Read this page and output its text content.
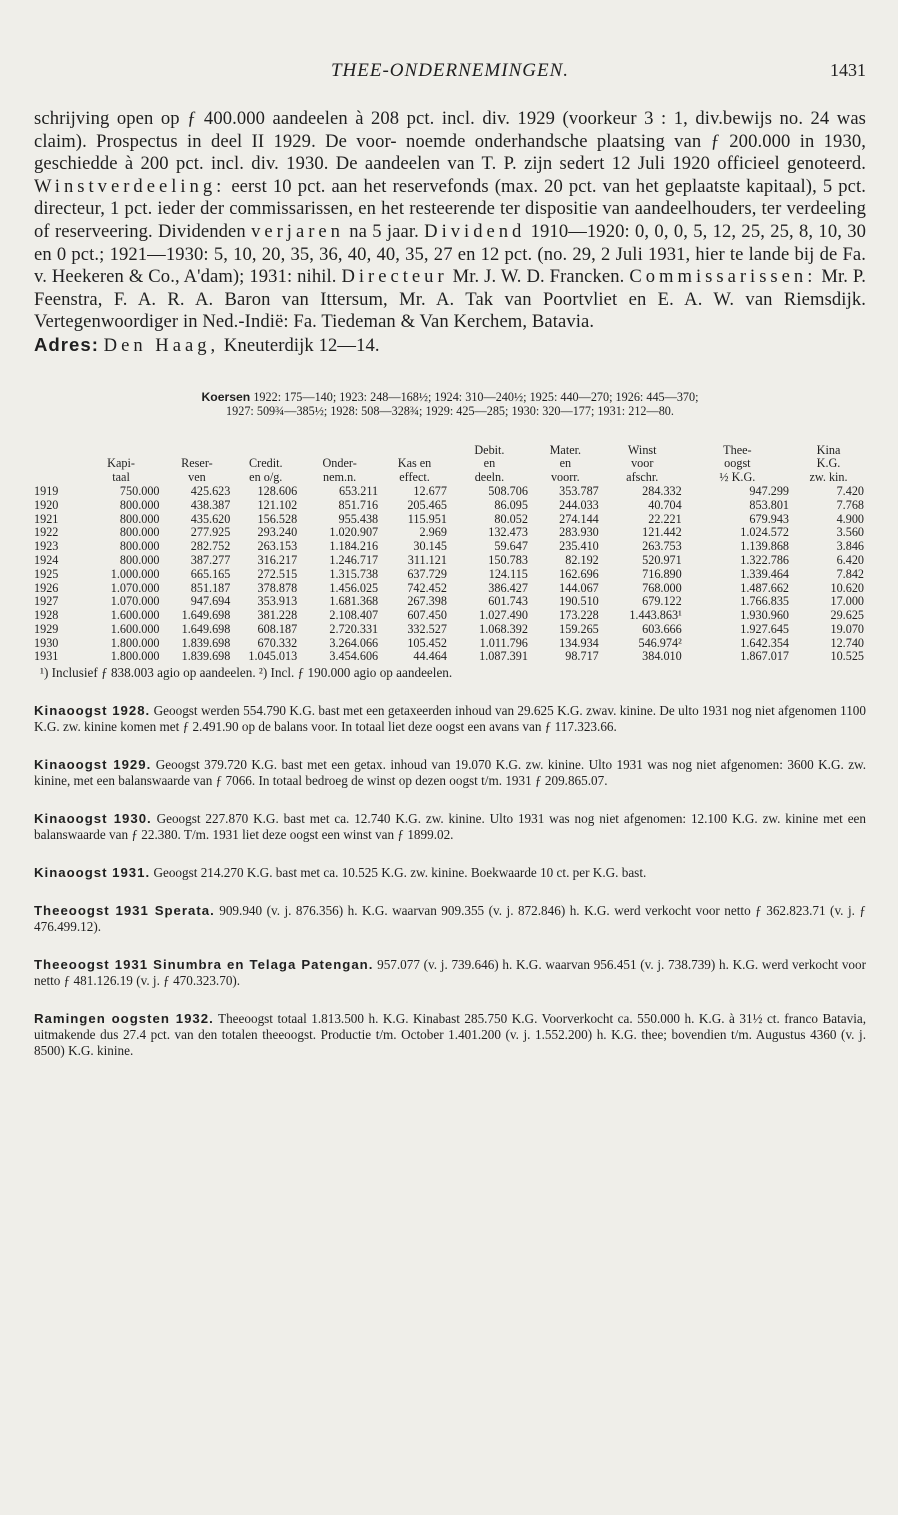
THEE-ONDERNEMINGEN.	1431

schrijving open op ƒ 400.000 aandeelen à 208 pct. incl. div. 1929 (voorkeur 3 : 1, div.bewijs no. 24 was claim). Prospectus in deel II 1929. De voor- noemde onderhandsche plaatsing van ƒ 200.000 in 1930, geschiedde à 200 pct. incl. div. 1930. De aandeelen van T. P. zijn sedert 12 Juli 1920 officieel genoteerd. Winstverdeeling: eerst 10 pct. aan het reservefonds (max. 20 pct. van het geplaatste kapitaal), 5 pct. directeur, 1 pct. ieder der commissarissen, en het resteerende ter dispositie van aandeelhouders, ter verdeeling of reserveering. Dividenden verjaren na 5 jaar. Dividend 1910—1920: 0, 0, 0, 5, 12, 25, 25, 8, 10, 30 en 0 pct.; 1921—1930: 5, 10, 20, 35, 36, 40, 40, 35, 27 en 12 pct. (no. 29, 2 Juli 1931, hier te lande bij de Fa. v. Heekeren & Co., A'dam); 1931: nihil. Directeur Mr. J. W. D. Francken. Commissarissen: Mr. P. Feenstra, F. A. R. A. Baron van Ittersum, Mr. A. Tak van Poortvliet en E. A. W. van Riemsdijk. Vertegenwoordiger in Ned.-Indië: Fa. Tiedeman & Van Kerchem, Batavia.

Adres: Den Haag, Kneuterdijk 12—14.

Koersen 1922: 175—140; 1923: 248—168½; 1924: 310—240½; 1925: 440—270; 1926: 445—370;
1927: 509¾—385½; 1928: 508—328¾; 1929: 425—285; 1930: 320—177; 1931: 212—80.
						Debit.	Mater.	Winst	Thee-	Kina
	Kapi-	Reser-	Credit.	Onder-	Kas en	en	en	voor	oogst	K.G.
	taal	ven	en o/g.	nem.n.	effect.	deeln.	voorr.	afschr.	½ K.G.	zw. kin.
1919	750.000	425.623	128.606	653.211	12.677	508.706	353.787	284.332	947.299	7.420
1920	800.000	438.387	121.102	851.716	205.465	86.095	244.033	40.704	853.801	7.768
1921	800.000	435.620	156.528	955.438	115.951	80.052	274.144	22.221	679.943	4.900
1922	800.000	277.925	293.240	1.020.907	2.969	132.473	283.930	121.442	1.024.572	3.560
1923	800.000	282.752	263.153	1.184.216	30.145	59.647	235.410	263.753	1.139.868	3.846
1924	800.000	387.277	316.217	1.246.717	311.121	150.783	82.192	520.971	1.322.786	6.420
1925	1.000.000	665.165	272.515	1.315.738	637.729	124.115	162.696	716.890	1.339.464	7.842
1926	1.070.000	851.187	378.878	1.456.025	742.452	386.427	144.067	768.000	1.487.662	10.620
1927	1.070.000	947.694	353.913	1.681.368	267.398	601.743	190.510	679.122	1.766.835	17.000
1928	1.600.000	1.649.698	381.228	2.108.407	607.450	1.027.490	173.228	1.443.863¹	1.930.960	29.625
1929	1.600.000	1.649.698	608.187	2.720.331	332.527	1.068.392	159.265	603.666	1.927.645	19.070
1930	1.800.000	1.839.698	670.332	3.264.066	105.452	1.011.796	134.934	546.974²	1.642.354	12.740
1931	1.800.000	1.839.698	1.045.013	3.454.606	44.464	1.087.391	98.717	384.010	1.867.017	10.525
¹) Inclusief ƒ 838.003 agio op aandeelen. ²) Incl. ƒ 190.000 agio op aandeelen.
Kinaoogst 1928. Geoogst werden 554.790 K.G. bast met een getaxeerden inhoud van 29.625 K.G. zwav. kinine. De ulto 1931 nog niet afgenomen 1100 K.G. zw. kinine komen met ƒ 2.491.90 op de balans voor. In totaal liet deze oogst een avans van ƒ 117.323.66.
Kinaoogst 1929. Geoogst 379.720 K.G. bast met een getax. inhoud van 19.070 K.G. zw. kinine. Ulto 1931 was nog niet afgenomen: 3600 K.G. zw. kinine, met een balanswaarde van ƒ 7066. In totaal bedroeg de winst op dezen oogst t/m. 1931 ƒ 209.865.07.
Kinaoogst 1930. Geoogst 227.870 K.G. bast met ca. 12.740 K.G. zw. kinine. Ulto 1931 was nog niet afgenomen: 12.100 K.G. zw. kinine met een balanswaarde van ƒ 22.380. T/m. 1931 liet deze oogst een winst van ƒ 1899.02.
Kinaoogst 1931. Geoogst 214.270 K.G. bast met ca. 10.525 K.G. zw. kinine. Boekwaarde 10 ct. per K.G. bast.
Theeoogst 1931 Sperata. 909.940 (v. j. 876.356) h. K.G. waarvan 909.355 (v. j. 872.846) h. K.G. werd verkocht voor netto ƒ 362.823.71 (v. j. ƒ 476.499.12).
Theeoogst 1931 Sinumbra en Telaga Patengan. 957.077 (v. j. 739.646) h. K.G. waarvan 956.451 (v. j. 738.739) h. K.G. werd verkocht voor netto ƒ 481.126.19 (v. j. ƒ 470.323.70).
Ramingen oogsten 1932. Theeoogst totaal 1.813.500 h. K.G. Kinabast 285.750 K.G. Voorverkocht ca. 550.000 h. K.G. à 31½ ct. franco Batavia, uitmakende dus 27.4 pct. van den totalen theeoogst. Productie t/m. October 1.401.200 (v. j. 1.552.200) h. K.G. thee; bovendien t/m. Augustus 4360 (v. j. 8500) K.G. kinine.
